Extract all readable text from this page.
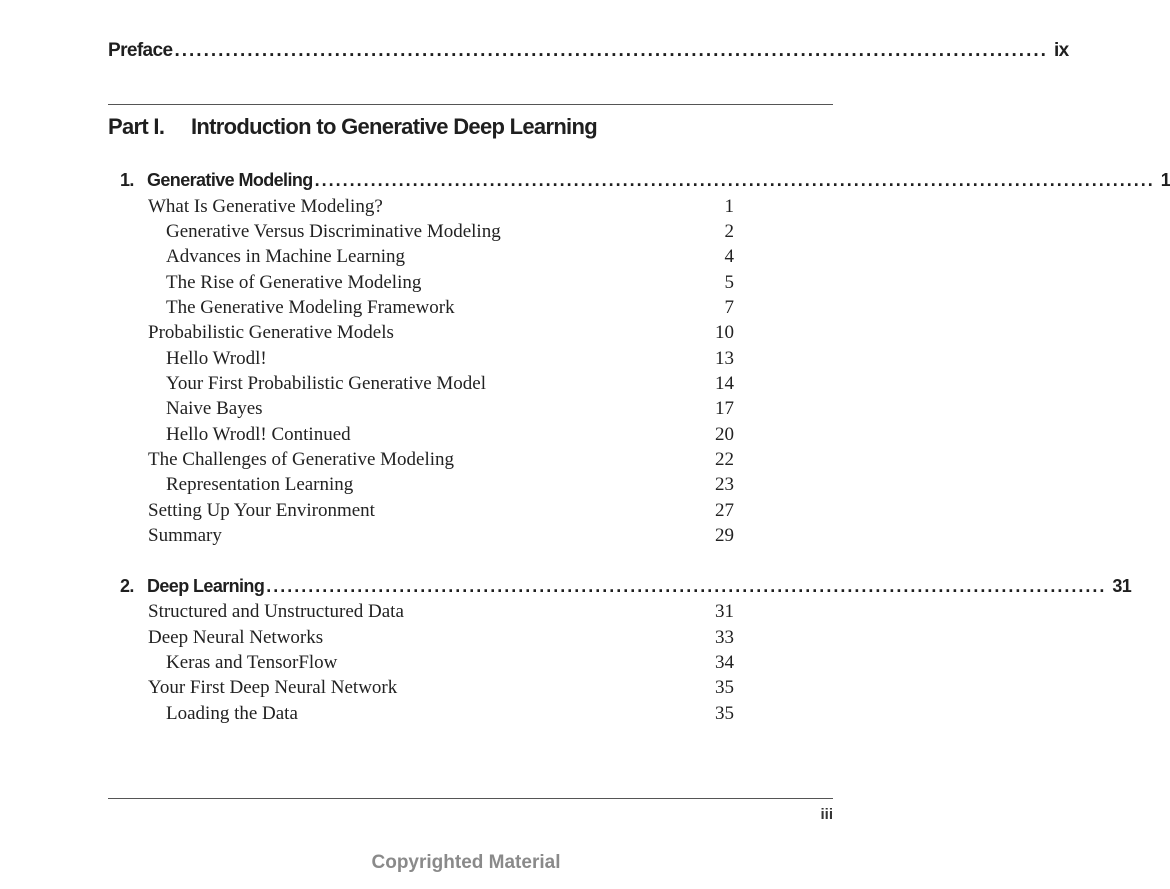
Preface ........................................................................................................................ ix
Part I. Introduction to Generative Deep Learning
1. Generative Modeling ........................................................................................................................ 1
What Is Generative Modeling?	1
Generative Versus Discriminative Modeling	2
Advances in Machine Learning	4
The Rise of Generative Modeling	5
The Generative Modeling Framework	7
Probabilistic Generative Models	10
Hello Wrodl!	13
Your First Probabilistic Generative Model	14
Naive Bayes	17
Hello Wrodl! Continued	20
The Challenges of Generative Modeling	22
Representation Learning	23
Setting Up Your Environment	27
Summary	29
2. Deep Learning ........................................................................................................................ 31
Structured and Unstructured Data	31
Deep Neural Networks	33
Keras and TensorFlow	34
Your First Deep Neural Network	35
Loading the Data	35
iii
Copyrighted Material
